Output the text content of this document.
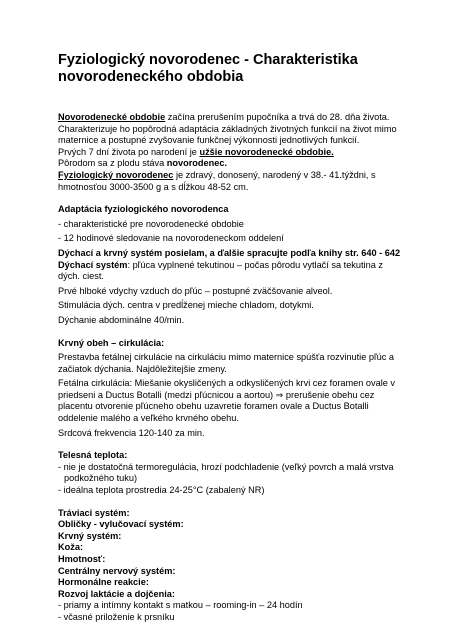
Fyziologický novorodenec - Charakteristika
novorodeneckého obdobia

Novorodenecké obdobie začína prerušením pupočníka a trvá do 28. dňa života.

Charakterizuje ho popôrodná adaptácia základných životných funkcií na život mimo

maternice a postupné zvyšovanie funkčnej výkonnosti jednotlivých funkcií.

Prvých 7 dní života po narodení je užšie novorodenecké obdobie.

Pôrodom sa z plodu stáva novorodenec.

Fyziologický novorodenec je zdravý, donosený, narodený v 38.- 41.týždni, s

hmotnosťou 3000-3500 g a s dĺžkou 48-52 cm.

Adaptácia fyziologického novorodenca

- charakteristické pre novorodenecké obdobie

- 12 hodinové sledovanie na novorodeneckom oddelení

Dýchací a krvný systém posielam, a ďalšie spracujte podľa knihy str. 640 - 642

Dýchací systém: pľúca vyplnené tekutinou – počas pôrodu vytlačí sa tekutina z

dých. ciest.

Prvé hlboké vdychy vzduch do pľúc – postupné zväčšovanie alveol.

Stimulácia dých. centra v predĺženej mieche chladom, dotykmi.

Dýchanie abdominálne 40/min.

Krvný obeh – cirkulácia:

Prestavba fetálnej cirkulácie na cirkuláciu mimo maternice spúšťa rozvinutie pľúc a

začiatok dýchania. Najdôležitejšie zmeny.

Fetálna cirkulácia: Miešanie okysličených a odkysličených krvi cez foramen ovale v

priedseni a Ductus Botalli (medzi pľúcnicou a aortou) ⇒ prerušenie obehu cez

placentu otvorenie pľúcneho obehu uzavretie foramen ovale a Ductus Botalli

oddelenie malého a veľkého krvného obehu.

Srdcová frekvencia 120-140 za min.

Telesná teplota:

- nie je dostatočná termoregulácia, hrozí podchladenie (veľký povrch a malá vrstva

podkožného tuku)

- ideálna teplota prostredia 24-25°C (zabalený NR)

Tráviaci systém:

Obličky - vylučovací systém:

Krvný systém:

Koža:

Hmotnosť:

Centrálny nervový systém:

Hormonálne reakcie:

Rozvoj laktácie a dojčenia:

- priamy a intímny kontakt s matkou – rooming-in – 24 hodín

- včasné priloženie k prsníku
